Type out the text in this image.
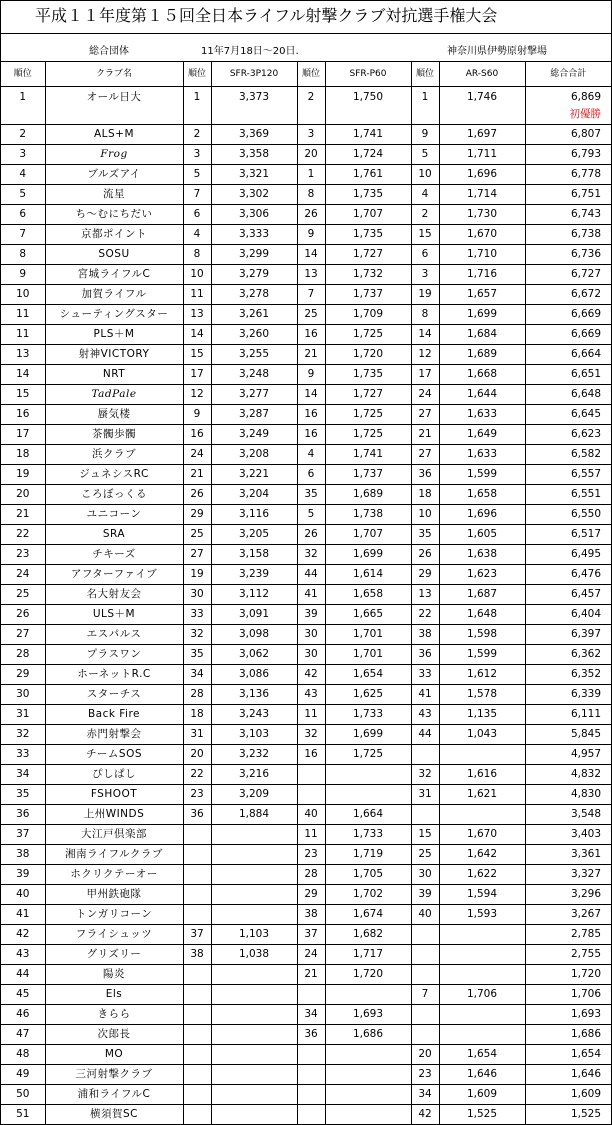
平成１１年度第１５回全日本ライフル射撃クラブ対抗選手権大会
総合団体	11年7月18日～20日.	神奈川県伊勢原射撃場
順位	クラブ名	順位	SFR-3P120	順位	SFR-P60	順位	AR-S60	総合合計
1	オール日大	1	3,373	2	1,750	1	1,746	6,869
初優勝

2	ALS+M	2	3,369	3	1,741	9	1,697	6,807
3	Frog	3	3,358	20	1,724	5	1,711	6,793
4	ブルズアイ	5	3,321	1	1,761	10	1,696	6,778
5	流星	7	3,302	8	1,735	4	1,714	6,751
6	ち～むにちだい	6	3,306	26	1,707	2	1,730	6,743
7	京都ポイント	4	3,333	9	1,735	15	1,670	6,738
8	SOSU	8	3,299	14	1,727	6	1,710	6,736
9	宮城ライフルC	10	3,279	13	1,732	3	1,716	6,727
10	加賀ライフル	11	3,278	7	1,737	19	1,657	6,672
11	シューティングスター	13	3,261	25	1,709	8	1,699	6,669
11	PLS＋M	14	3,260	16	1,725	14	1,684	6,669
13	射神VICTORY	15	3,255	21	1,720	12	1,689	6,664
14	NRT	17	3,248	9	1,735	17	1,668	6,651
15	TadPale	12	3,277	14	1,727	24	1,644	6,648
16	蜃気楼	9	3,287	16	1,725	27	1,633	6,645
17	茶髑歩髑	16	3,249	16	1,725	21	1,649	6,623
18	浜クラブ	24	3,208	4	1,741	27	1,633	6,582
19	ジュネシスRC	21	3,221	6	1,737	36	1,599	6,557
20	ころぼっくる	26	3,204	35	1,689	18	1,658	6,551
21	ユニコーン	29	3,116	5	1,738	10	1,696	6,550
22	SRA	25	3,205	26	1,707	35	1,605	6,517
23	チキーズ	27	3,158	32	1,699	26	1,638	6,495
24	アフターファイブ	19	3,239	44	1,614	29	1,623	6,476
25	名大射友会	30	3,112	41	1,658	13	1,687	6,457
26	ULS＋M	33	3,091	39	1,665	22	1,648	6,404
27	エスパルス	32	3,098	30	1,701	38	1,598	6,397
28	プラスワン	35	3,062	30	1,701	36	1,599	6,362
29	ホーネットR.C	34	3,086	42	1,654	33	1,612	6,352
30	スターチス	28	3,136	43	1,625	41	1,578	6,339
31	Back Fire	18	3,243	11	1,733	43	1,135	6,111
32	赤門射撃会	31	3,103	32	1,699	44	1,043	5,845
33	チームSOS	20	3,232	16	1,725			4,957
34	ぴしぱし	22	3,216			32	1,616	4,832
35	FSHOOT	23	3,209			31	1,621	4,830
36	上州WINDS	36	1,884	40	1,664			3,548
37	大江戸倶楽部			11	1,733	15	1,670	3,403
38	湘南ライフルクラブ			23	1,719	25	1,642	3,361
39	ホクリクテーオー			28	1,705	30	1,622	3,327
40	甲州鉄砲隊			29	1,702	39	1,594	3,296
41	トンガリコーン			38	1,674	40	1,593	3,267
42	フライシュッツ	37	1,103	37	1,682			2,785
43	グリズリー	38	1,038	24	1,717			2,755
44	陽炎			21	1,720			1,720
45	Els					7	1,706	1,706
46	きらら			34	1,693			1,693
47	次郎長			36	1,686			1,686
48	MO					20	1,654	1,654
49	三河射撃クラブ					23	1,646	1,646
50	浦和ライフルC					34	1,609	1,609
51	横須賀SC					42	1,525	1,525
